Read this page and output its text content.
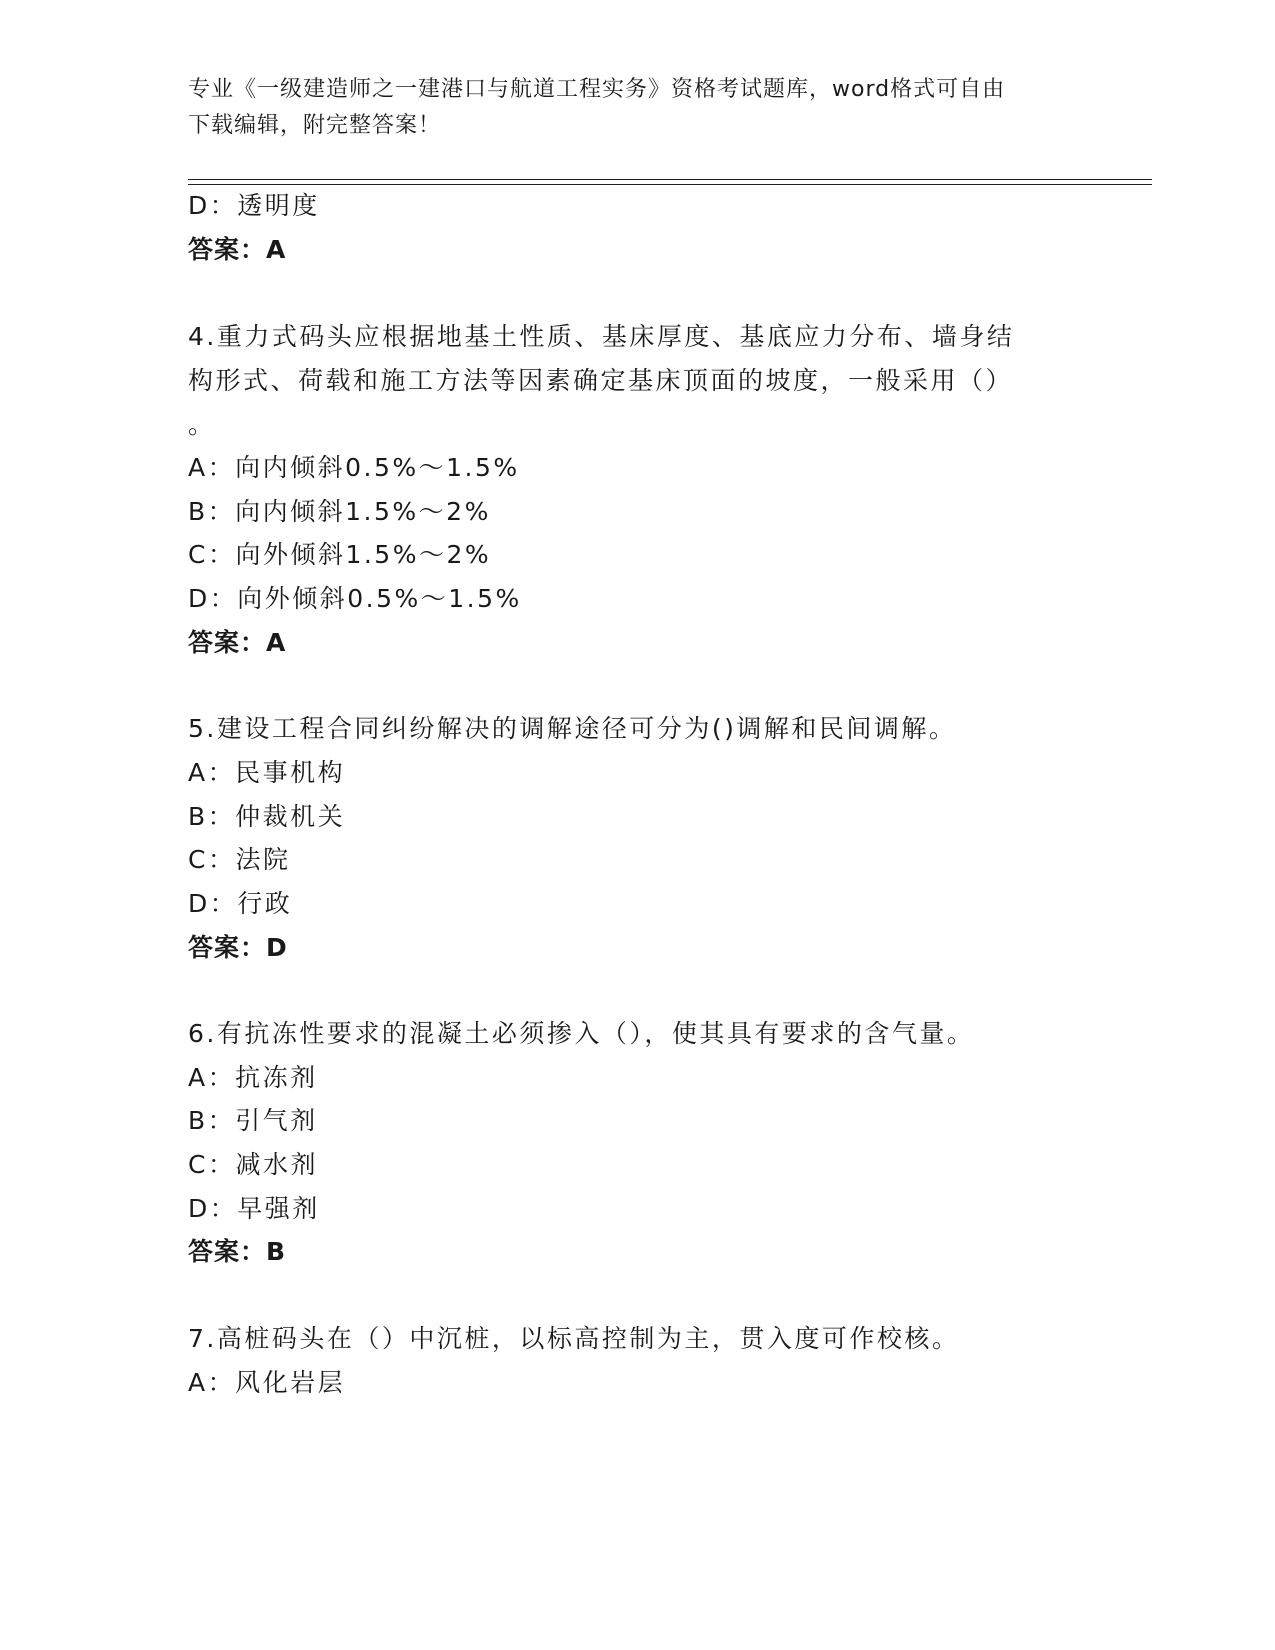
专业《一级建造师之一建港口与航道工程实务》资格考试题库，word格式可自由
下载编辑，附完整答案！
D：透明度
答案：A
4.重力式码头应根据地基土性质、基床厚度、基底应力分布、墙身结
构形式、荷载和施工方法等因素确定基床顶面的坡度，一般采用（）
。
A：向内倾斜0.5%～1.5%
B：向内倾斜1.5%～2%
C：向外倾斜1.5%～2%
D：向外倾斜0.5%～1.5%
答案：A
5.建设工程合同纠纷解决的调解途径可分为()调解和民间调解。
A：民事机构
B：仲裁机关
C：法院
D：行政
答案：D
6.有抗冻性要求的混凝土必须掺入（），使其具有要求的含气量。
A：抗冻剂
B：引气剂
C：减水剂
D：早强剂
答案：B
7.高桩码头在（）中沉桩，以标高控制为主，贯入度可作校核。
A：风化岩层
